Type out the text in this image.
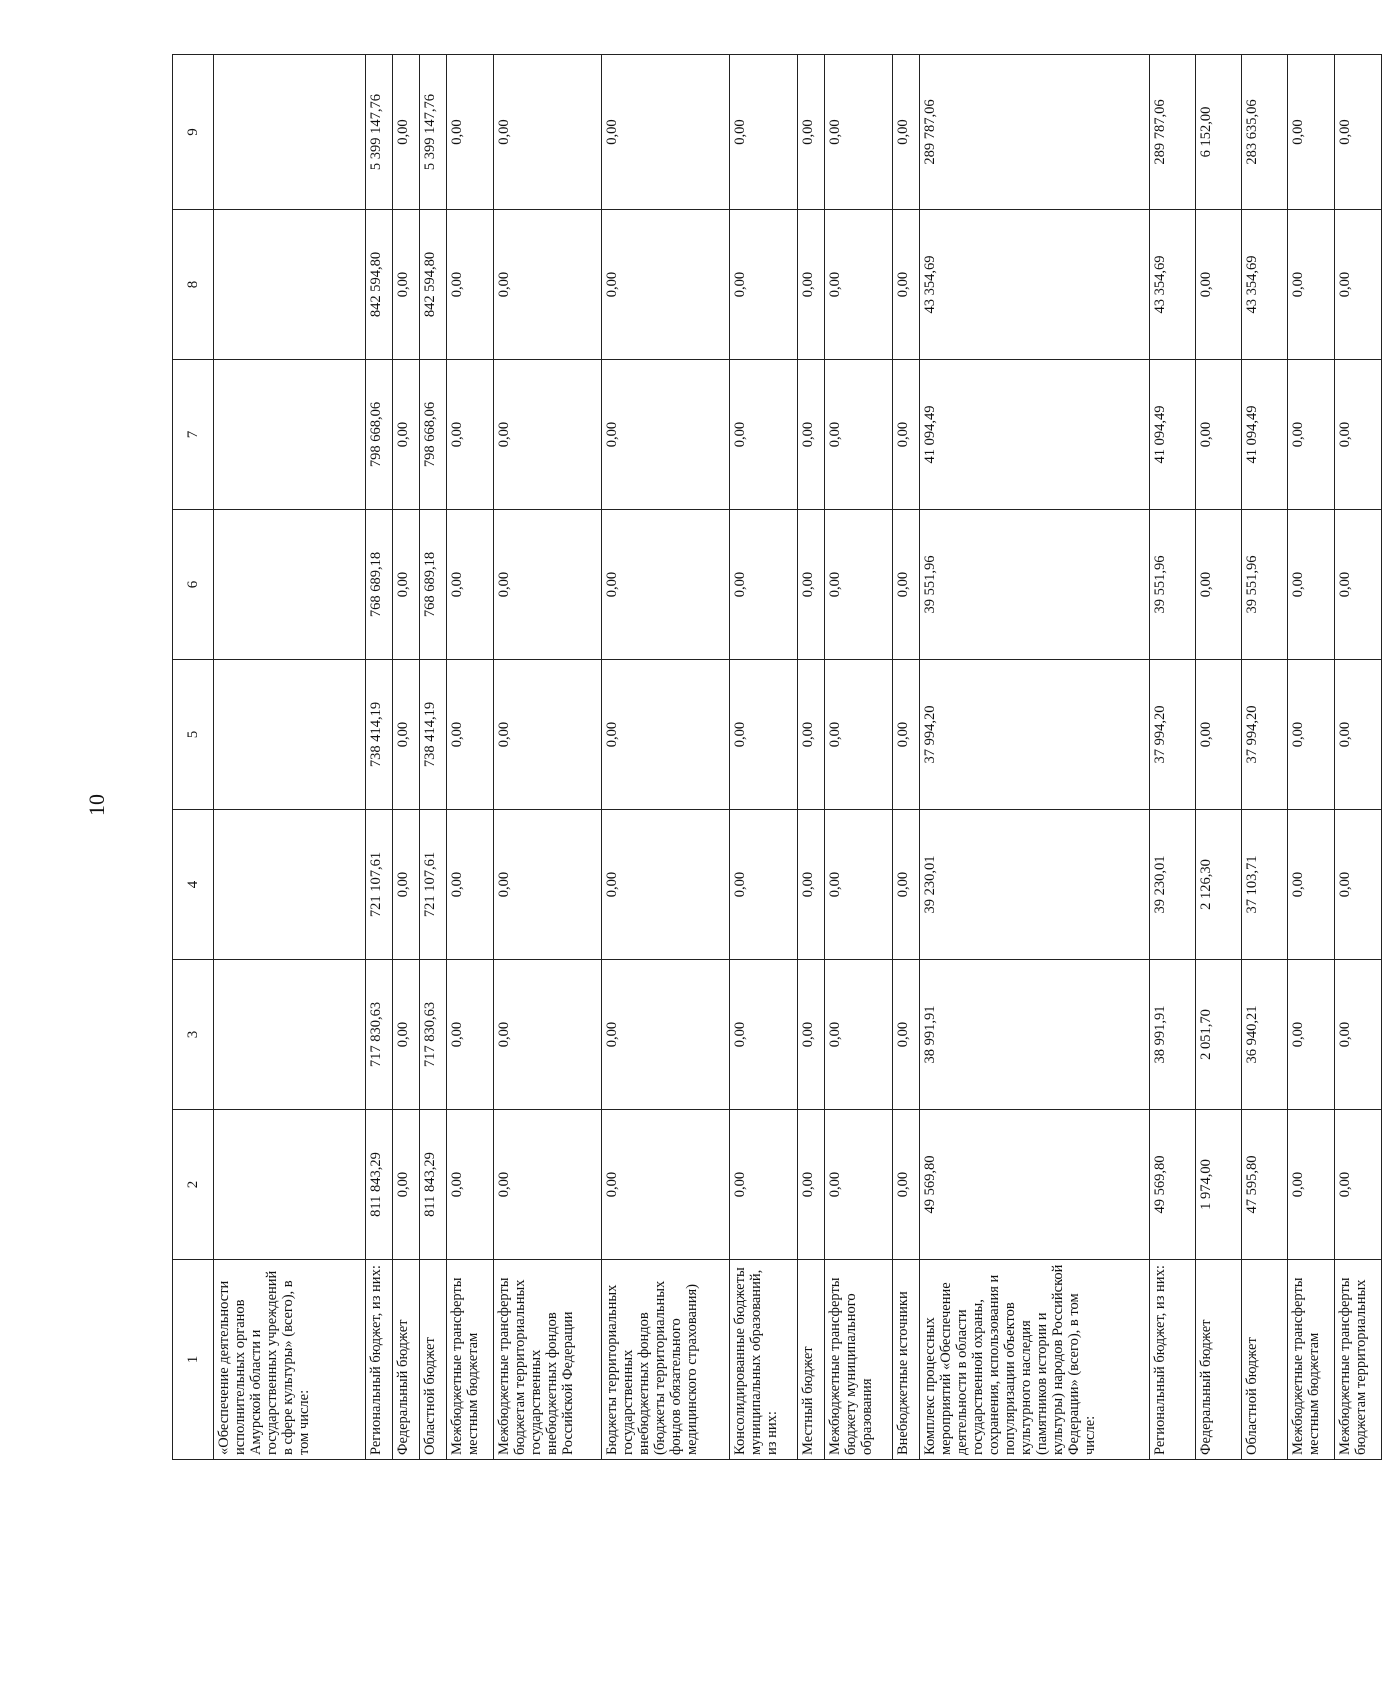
10
1	2	3	4	5	6	7	8	9
«Обеспечение деятельности исполнительных органов Амурской области и государственных учреждений в сфере культуры» (всего), в том числе:								
Региональный бюджет, из них:	811 843,29	717 830,63	721 107,61	738 414,19	768 689,18	798 668,06	842 594,80	5 399 147,76
Федеральный бюджет	0,00	0,00	0,00	0,00	0,00	0,00	0,00	0,00
Областной бюджет	811 843,29	717 830,63	721 107,61	738 414,19	768 689,18	798 668,06	842 594,80	5 399 147,76
Межбюджетные трансферты местным бюджетам	0,00	0,00	0,00	0,00	0,00	0,00	0,00	0,00
Межбюджетные трансферты бюджетам территориальных государственных внебюджетных фондов Российской Федерации	0,00	0,00	0,00	0,00	0,00	0,00	0,00	0,00
Бюджеты территориальных государственных внебюджетных фондов (бюджеты территориальных фондов обязательного медицинского страхования)	0,00	0,00	0,00	0,00	0,00	0,00	0,00	0,00
Консолидированные бюджеты муниципальных образований, из них:	0,00	0,00	0,00	0,00	0,00	0,00	0,00	0,00
Местный бюджет	0,00	0,00	0,00	0,00	0,00	0,00	0,00	0,00
Межбюджетные трансферты бюджету муниципального образования	0,00	0,00	0,00	0,00	0,00	0,00	0,00	0,00
Внебюджетные источники	0,00	0,00	0,00	0,00	0,00	0,00	0,00	0,00
Комплекс процессных мероприятий «Обеспечение деятельности в области государственной охраны, сохранения, использования и популяризации объектов культурного наследия (памятников истории и культуры) народов Российской Федерации» (всего), в том числе:	49 569,80	38 991,91	39 230,01	37 994,20	39 551,96	41 094,49	43 354,69	289 787,06
Региональный бюджет, из них:	49 569,80	38 991,91	39 230,01	37 994,20	39 551,96	41 094,49	43 354,69	289 787,06
Федеральный бюджет	1 974,00	2 051,70	2 126,30	0,00	0,00	0,00	0,00	6 152,00
Областной бюджет	47 595,80	36 940,21	37 103,71	37 994,20	39 551,96	41 094,49	43 354,69	283 635,06
Межбюджетные трансферты местным бюджетам	0,00	0,00	0,00	0,00	0,00	0,00	0,00	0,00
Межбюджетные трансферты бюджетам территориальных	0,00	0,00	0,00	0,00	0,00	0,00	0,00	0,00
